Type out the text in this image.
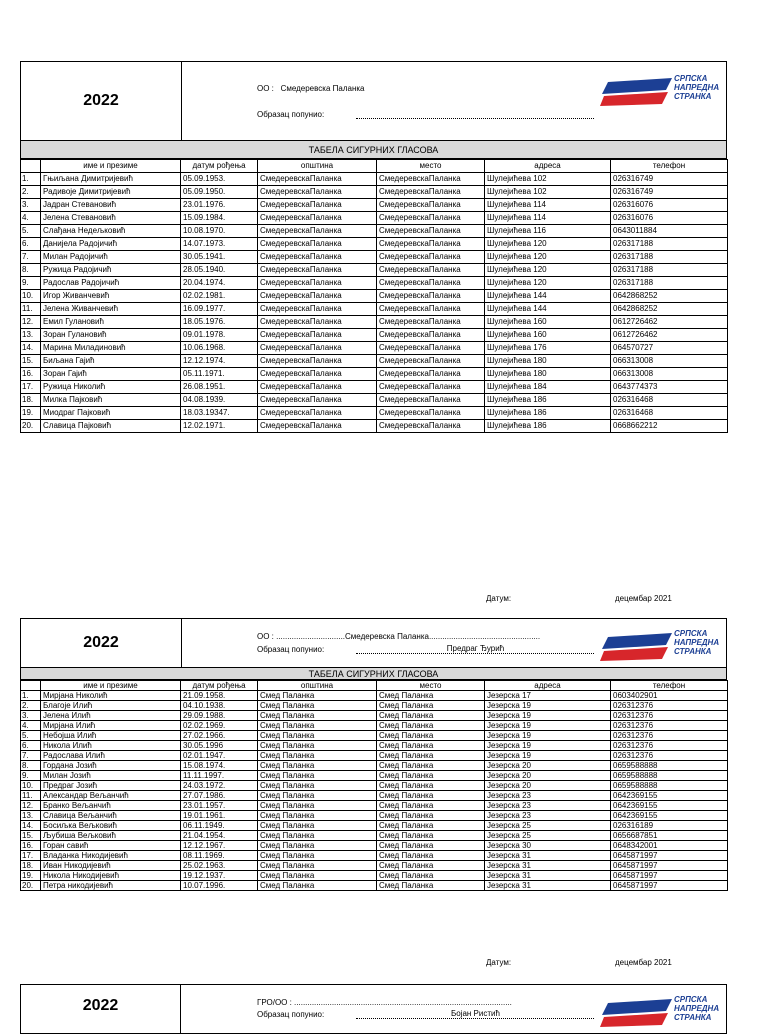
2022
ОО : Смедеревска Паланка
Образац попунио:
СРПСКА
НАПРЕДНА
СТРАНКА
ТАБЕЛА СИГУРНИХ ГЛАСОВА
	име и презиме	датум рођења	општина	место	адреса	телефон
1.	Гњиљана Димитријевић	05.09.1953.	СмедеревскаПаланка	СмедеревскаПаланка	Шулејићева 102	026316749
2.	Радивоје Димитријевић	05.09.1950.	СмедеревскаПаланка	СмедеревскаПаланка	Шулејићева 102	026316749
3.	Јадран Стевановић	23.01.1976.	СмедеревскаПаланка	СмедеревскаПаланка	Шулејићева 114	026316076
4.	Јелена Стевановић	15.09.1984.	СмедеревскаПаланка	СмедеревскаПаланка	Шулејићева 114	026316076
5.	Слађана Недељковић	10.08.1970.	СмедеревскаПаланка	СмедеревскаПаланка	Шулејићева 116	0643011884
6.	Данијела Радојичић	14.07.1973.	СмедеревскаПаланка	СмедеревскаПаланка	Шулејићева 120	026317188
7.	Милан Радојичић	30.05.1941.	СмедеревскаПаланка	СмедеревскаПаланка	Шулејићева 120	026317188
8.	Ружица Радојичић	28.05.1940.	СмедеревскаПаланка	СмедеревскаПаланка	Шулејићева 120	026317188
9.	Радослав Радојичић	20.04.1974.	СмедеревскаПаланка	СмедеревскаПаланка	Шулејићева 120	026317188
10.	Игор Живанчевић	02.02.1981.	СмедеревскаПаланка	СмедеревскаПаланка	Шулејићева 144	0642868252
11.	Јелена Живанчевић	16.09.1977.	СмедеревскаПаланка	СмедеревскаПаланка	Шулејићева 144	0642868252
12.	Емил Гулановић	18.05.1976.	СмедеревскаПаланка	СмедеревскаПаланка	Шулејићева 160	0612726462
13.	Зоран Гулановић	09.01.1978.	СмедеревскаПаланка	СмедеревскаПаланка	Шулејићева 160	0612726462
14.	Марина Миладиновић	10.06.1968.	СмедеревскаПаланка	СмедеревскаПаланка	Шулејићева 176	064570727
15.	Биљана Гајић	12.12.1974.	СмедеревскаПаланка	СмедеревскаПаланка	Шулејићева 180	066313008
16.	Зоран Гајић	05.11.1971.	СмедеревскаПаланка	СмедеревскаПаланка	Шулејићева 180	066313008
17.	Ружица Николић	26.08.1951.	СмедеревскаПаланка	СмедеревскаПаланка	Шулејићева 184	0643774373
18.	Милка Пајковић	04.08.1939.	СмедеревскаПаланка	СмедеревскаПаланка	Шулејићева 186	026316468
19.	Миодраг Пајковић	18.03.19347.	СмедеревскаПаланка	СмедеревскаПаланка	Шулејићева 186	026316468
20.	Славица Пајковић	12.02.1971.	СмедеревскаПаланка	СмедеревскаПаланка	Шулејићева 186	0668662212
Датум:	децембар 2021
2022	ОО : ...............................Смедеревска Паланка..................................................
Образац попунио:	Предраг Ђурић
СРПСКА
НАПРЕДНА
СТРАНКА
ТАБЕЛА СИГУРНИХ ГЛАСОВА
	име и презиме	датум рођења	општина	место	адреса	телефон
1.	Мирјана Николић	21.09.1958.	Смед Паланка	Смед Паланка	Језерска 17	0603402901
2.	Благоје Илић	04.10.1938.	Смед Паланка	Смед Паланка	Језерска 19	026312376
3.	Јелена Илић	29.09.1988.	Смед Паланка	Смед Паланка	Језерска 19	026312376
4.	Мирјана Илић	02.02.1969.	Смед Паланка	Смед Паланка	Језерска 19	026312376
5.	Небојша Илић	27.02.1966.	Смед Паланка	Смед Паланка	Језерска 19	026312376
6.	Никола Илић	30.05.1996	Смед Паланка	Смед Паланка	Језерска 19	026312376
7.	Радослава Илић	02.01.1947.	Смед Паланка	Смед Паланка	Језерска 19	026312376
8.	Гордана Јозић	15.08.1974.	Смед Паланка	Смед Паланка	Језерска 20	0659588888
9.	Милан Јозић	11.11.1997.	Смед Паланка	Смед Паланка	Језерска 20	0659588888
10.	Предраг Јозић	24.03.1972.	Смед Паланка	Смед Паланка	Језерска 20	0659588888
11.	Александар Вељанчић	27.07.1986.	Смед Паланка	Смед Паланка	Језерска 23	0642369155
12.	Бранко Вељанчић	23.01.1957.	Смед Паланка	Смед Паланка	Језерска 23	0642369155
13.	Славица Вељанчић	19.01.1961.	Смед Паланка	Смед Паланка	Језерска 23	0642369155
14.	Босиљка Вељковић	06.11.1949.	Смед Паланка	Смед Паланка	Језерска 25	026316189
15.	Љубиша Вељковић	21.04.1954.	Смед Паланка	Смед Паланка	Језерска 25	0656687851
16.	Горан савић	12.12.1967.	Смед Паланка	Смед Паланка	Језерска 30	0648342001
17.	Владанка Никодијевић	08.11.1969.	Смед Паланка	Смед Паланка	Језерска 31	0645871997
18.	Иван Никодијевић	25.02.1963.	Смед Паланка	Смед Паланка	Језерска 31	0645871997
19.	Никола Никодијевић	19.12.1937.	Смед Паланка	Смед Паланка	Језерска 31	0645871997
20.	Петра никодијевић	10.07.1996.	Смед Паланка	Смед Паланка	Језерска 31	0645871997
Датум:	децембар 2021
2022	ГРО/ОО : ..................................................................................................
Образац попунио:	Бојан Ристић
СРПСКА
НАПРЕДНА
СТРАНКА
